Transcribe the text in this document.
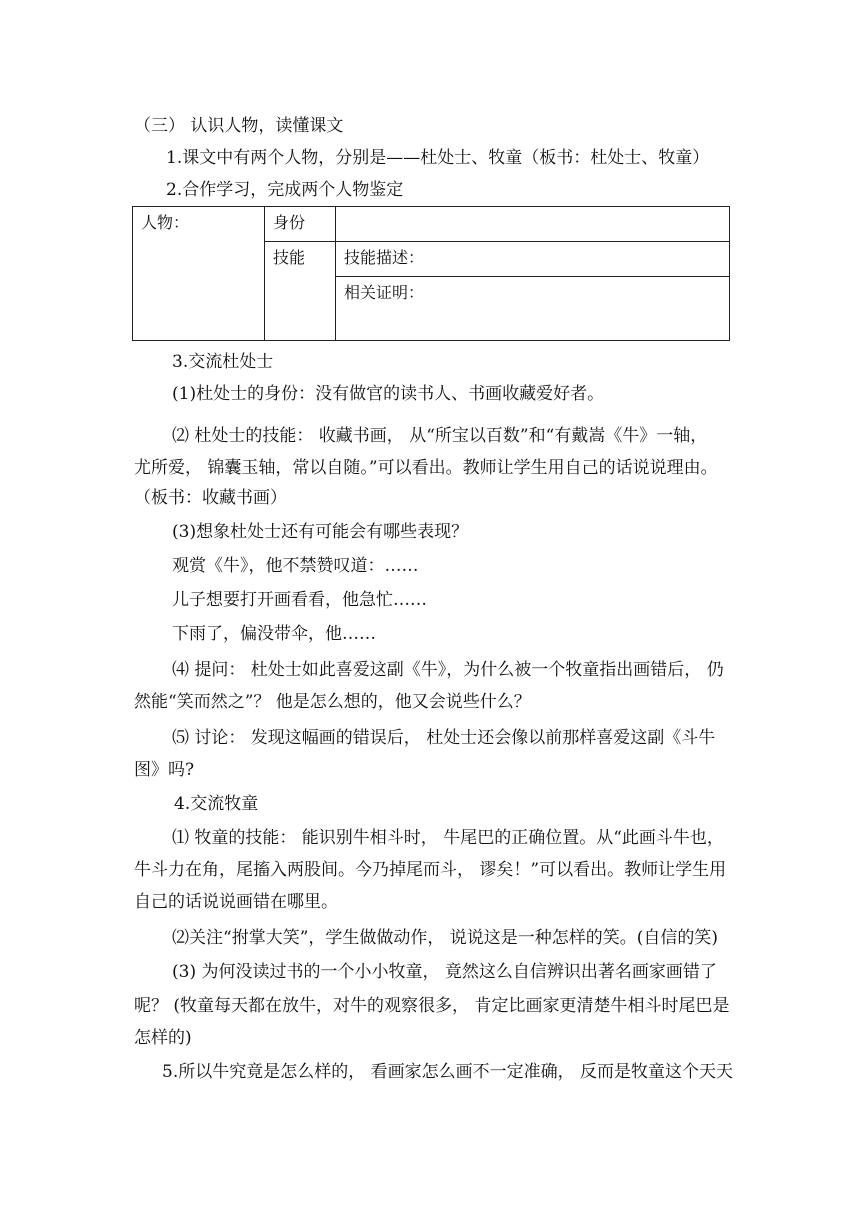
（三） 认识人物，读懂课文
1.课文中有两个人物，分别是——杜处士、牧童（板书：杜处士、牧童）
2.合作学习，完成两个人物鉴定
人物：	身份	
	技能	技能描述：
		相关证明：
3.交流杜处士
(1)杜处士的身份：没有做官的读书人、书画收藏爱好者。
⑵ 杜处士的技能： 收藏书画， 从“所宝以百数”和“有戴嵩《牛》一轴，
尤所爱， 锦囊玉轴，常以自随。”可以看出。教师让学生用自己的话说说理由。
（板书：收藏书画）
(3)想象杜处士还有可能会有哪些表现？
观赏《牛》，他不禁赞叹道：……
儿子想要打开画看看，他急忙……
下雨了，偏没带伞，他……
⑷ 提问： 杜处士如此喜爱这副《牛》，为什么被一个牧童指出画错后， 仍
然能“笑而然之”？ 他是怎么想的，他又会说些什么？
⑸ 讨论： 发现这幅画的错误后， 杜处士还会像以前那样喜爱这副《斗牛
图》吗?
4.交流牧童
⑴ 牧童的技能： 能识别牛相斗时， 牛尾巴的正确位置。从“此画斗牛也，
牛斗力在角，尾搐入两股间。今乃掉尾而斗， 谬矣！”可以看出。教师让学生用
自己的话说说画错在哪里。
⑵关注“拊掌大笑”，学生做做动作， 说说这是一种怎样的笑。(自信的笑)
(3) 为何没读过书的一个小小牧童， 竟然这么自信辨识出著名画家画错了
呢？ (牧童每天都在放牛，对牛的观察很多， 肯定比画家更清楚牛相斗时尾巴是
怎样的)
5.所以牛究竟是怎么样的， 看画家怎么画不一定准确， 反而是牧童这个天天
